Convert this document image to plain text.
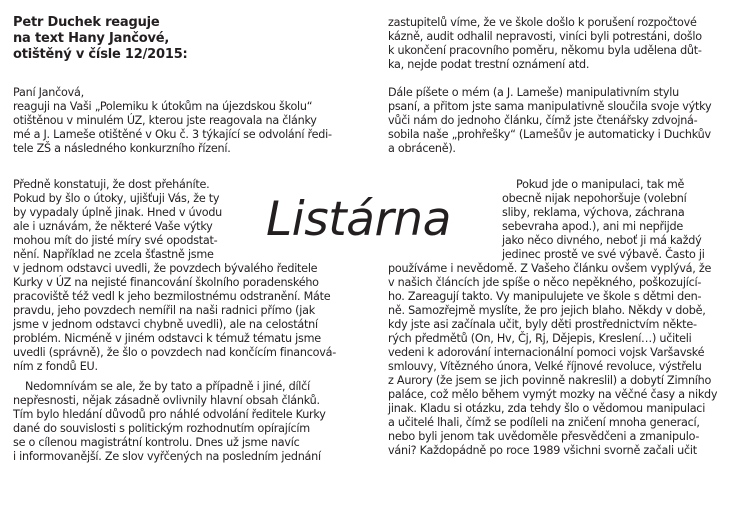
Listárna
Petr Duchek reaguje
na text Hany Jančové,
otištěný v čísle 12/2015:
Paní Jančová,
reaguji na Vaši „Polemiku k útokům na újezdskou školu“
otištěnou v minulém ÚZ, kterou jste reagovala na články
mé a J. Lameše otištěné v Oku č. 3 týkající se odvolání ředi-
tele ZŠ a následného konkurzního řízení.
Předně konstatuji, že dost přeháníte.
Pokud by šlo o útoky, ujišťuji Vás, že ty
by vypadaly úplně jinak. Hned v úvodu
ale i uznávám, že některé Vaše výtky
mohou mít do jisté míry své opodstat-
nění. Například ne zcela šťastně jsme
v jednom odstavci uvedli, že povzdech bývalého ředitele
Kurky v ÚZ na nejisté financování školního poradenského
pracoviště též vedl k jeho bezmilostnému odstranění. Máte
pravdu, jeho povzdech nemířil na naši radnici přímo (jak
jsme v jednom odstavci chybně uvedli), ale na celostátní
problém. Nicméně v jiném odstavci k témuž tématu jsme
uvedli (správně), že šlo o povzdech nad končícím financová-
ním z fondů EU.
Nedomnívám se ale, že by tato a případně i jiné, dílčí
nepřesnosti, nějak zásadně ovlivnily hlavní obsah článků.
Tím bylo hledání důvodů pro náhlé odvolání ředitele Kurky
dané do souvislosti s politickým rozhodnutím opírajícím
se o cílenou magistrátní kontrolu. Dnes už jsme navíc
i informovanější. Ze slov vyřčených na posledním jednání
zastupitelů víme, že ve škole došlo k porušení rozpočtové
kázně, audit odhalil nepravosti, viníci byli potrestáni, došlo
k ukončení pracovního poměru, někomu byla udělena důt-
ka, nejde podat trestní oznámení atd.
Dále píšete o mém (a J. Lameše) manipulativním stylu
psaní, a přitom jste sama manipulativně sloučila svoje výtky
vůči nám do jednoho článku, čímž jste čtenářsky zdvojná-
sobila naše „prohřešky“ (Lamešův je automaticky i Duchkův
a obráceně).
Pokud jde o manipulaci, tak mě
obecně nijak nepohoršuje (volební
sliby, reklama, výchova, záchrana
sebevraha apod.), ani mi nepřijde
jako něco divného, neboť ji má každý
jedinec prostě ve své výbavě. Často ji
používáme i nevědomě. Z Vašeho článku ovšem vyplývá, že
v našich článcích jde spíše o něco nepěkného, poškozující-
ho. Zareagují takto. Vy manipulujete ve škole s dětmi den-
ně. Samozřejmě myslíte, že pro jejich blaho. Někdy v době,
kdy jste asi začínala učit, byly děti prostřednictvím někte-
rých předmětů (On, Hv, Čj, Rj, Dějepis, Kreslení…) učiteli
vedeni k adorování internacionální pomoci vojsk Varšavské
smlouvy, Vítězného února, Velké říjnové revoluce, výstřelu
z Aurory (že jsem se jich povinně nakreslil) a dobytí Zimního
paláce, což mělo během vymýt mozky na věčné časy a nikdy
jinak. Kladu si otázku, zda tehdy šlo o vědomou manipulaci
a učitelé lhali, čímž se podíleli na zničení mnoha generací,
nebo byli jenom tak uvědoměle přesvědčeni a zmanipulo-
váni? Každopádně po roce 1989 všichni svorně začali učit
